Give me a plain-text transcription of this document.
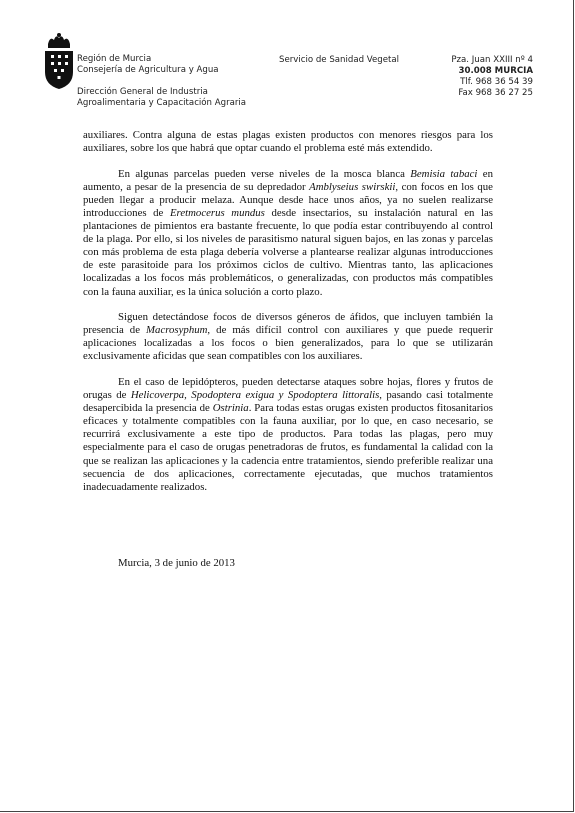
Región de Murcia
Consejería de Agricultura y Agua
Dirección General de Industria
Agroalimentaria y Capacitación Agraria
Servicio de Sanidad Vegetal	Pza. Juan XXIII nº 4
30.008 MURCIA
Tlf. 968 36 54 39
Fax 968 36 27 25

auxiliares. Contra alguna de estas plagas existen productos con menores riesgos para los auxiliares, sobre los que habrá que optar cuando el problema esté más extendido.

En algunas parcelas pueden verse niveles de la mosca blanca Bemisia tabaci en aumento, a pesar de la presencia de su depredador Amblyseius swirskii, con focos en los que pueden llegar a producir melaza. Aunque desde hace unos años, ya no suelen realizarse introducciones de Eretmocerus mundus desde insectarios, su instalación natural en las plantaciones de pimientos era bastante frecuente, lo que podía estar contribuyendo al control de la plaga. Por ello, si los niveles de parasitismo natural siguen bajos, en las zonas y parcelas con más problema de esta plaga debería volverse a plantearse realizar algunas introducciones de este parasitoide para los próximos ciclos de cultivo. Mientras tanto, las aplicaciones localizadas a los focos más problemáticos, o generalizadas, con productos más compatibles con la fauna auxiliar, es la única solución a corto plazo.

Siguen detectándose focos de diversos géneros de áfidos, que incluyen también la presencia de Macrosyphum, de más difícil control con auxiliares y que puede requerir aplicaciones localizadas a los focos o bien generalizados, para lo que se utilizarán exclusivamente aficidas que sean compatibles con los auxiliares.

En el caso de lepidópteros, pueden detectarse ataques sobre hojas, flores y frutos de orugas de Helicoverpa, Spodoptera exigua y Spodoptera littoralis, pasando casi totalmente desapercibida la presencia de Ostrinia. Para todas estas orugas existen productos fitosanitarios eficaces y totalmente compatibles con la fauna auxiliar, por lo que, en caso necesario, se recurrirá exclusivamente a este tipo de productos. Para todas las plagas, pero muy especialmente para el caso de orugas penetradoras de frutos, es fundamental la calidad con la que se realizan las aplicaciones y la cadencia entre tratamientos, siendo preferible realizar una secuencia de dos aplicaciones, correctamente ejecutadas, que muchos tratamientos inadecuadamente realizados.

Murcia, 3 de junio de 2013
